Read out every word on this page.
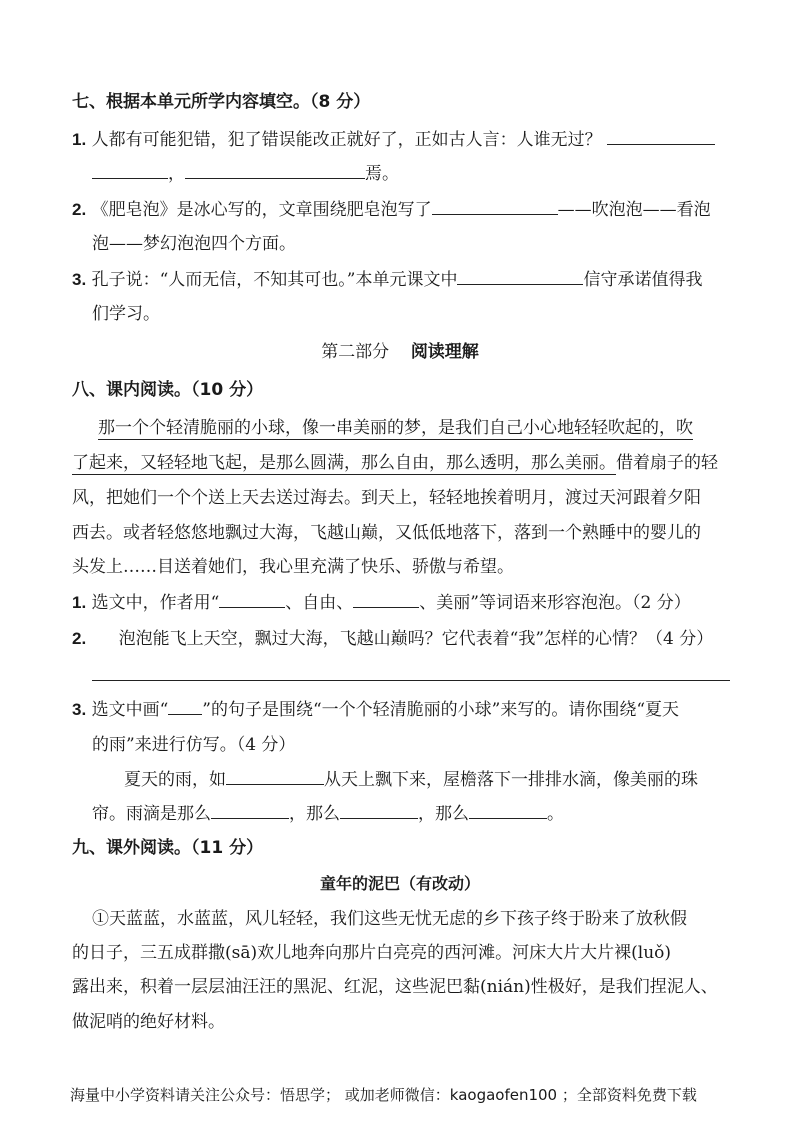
七、根据本单元所学内容填空。（8 分）
1. 人都有可能犯错，犯了错误能改正就好了，正如古人言：人谁无过？
，	焉。
2. 《肥皂泡》是冰心写的，文章围绕肥皂泡写了	——吹泡泡——看泡
泡——梦幻泡泡四个方面。
3. 孔子说：“人而无信，不知其可也。”本单元课文中	信守承诺值得我
们学习。
第二部分 阅读理解
八、课内阅读。（10 分）
那一个个轻清脆丽的小球，像一串美丽的梦，是我们自己小心地轻轻吹起的，吹
了起来，又轻轻地飞起，是那么圆满，那么自由，那么透明，那么美丽。借着扇子的轻
风，把她们一个个送上天去送过海去。到天上，轻轻地挨着明月，渡过天河跟着夕阳
西去。或者轻悠悠地飘过大海，飞越山巅，又低低地落下，落到一个熟睡中的婴儿的
头发上……目送着她们，我心里充满了快乐、骄傲与希望。
1. 选文中，作者用“	、自由、	、美丽”等词语来形容泡泡。（2 分）
2. 泡泡能飞上天空，飘过大海，飞越山巅吗？它代表着“我”怎样的心情？（4 分）
3. 选文中画“ ”的句子是围绕“一个个轻清脆丽的小球”来写的。请你围绕“夏天
的雨”来进行仿写。（4 分）
夏天的雨，如	从天上飘下来，屋檐落下一排排水滴，像美丽的珠
帘。雨滴是那么	，那么	，那么	。
九、课外阅读。（11 分）
童年的泥巴（有改动）
①天蓝蓝，水蓝蓝，风儿轻轻，我们这些无忧无虑的乡下孩子终于盼来了放秋假
的日子，三五成群撒(sā)欢儿地奔向那片白亮亮的西河滩。河床大片大片裸(luǒ)
露出来，积着一层层油汪汪的黑泥、红泥，这些泥巴黏(nián)性极好，是我们捏泥人、
做泥哨的绝好材料。
海量中小学资料请关注公众号：悟思学； 或加老师微信：kaogaofen100 ；全部资料免费下载
